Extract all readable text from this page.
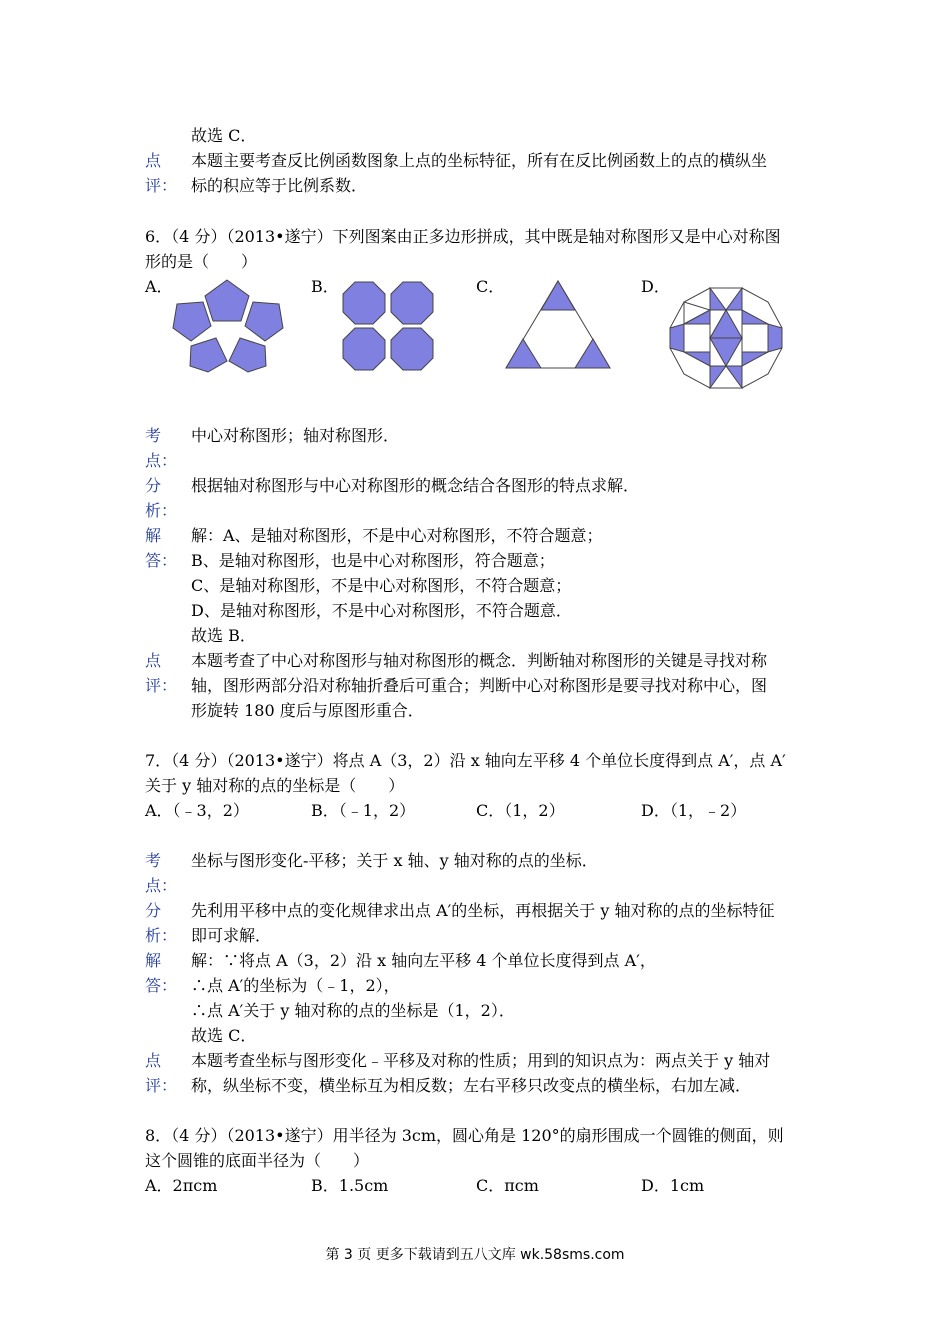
故选 C．
点 本题主要考查反比例函数图象上点的坐标特征，所有在反比例函数上的点的横纵坐
评： 标的积应等于比例系数．
6．（4 分）（2013•遂宁）下列图案由正多边形拼成，其中既是轴对称图形又是中心对称图
形的是（　　）
A．	B．	C．	D．
考 中心对称图形；轴对称图形．
点：
分 根据轴对称图形与中心对称图形的概念结合各图形的特点求解．
析：
解
答：
解：A、是轴对称图形，不是中心对称图形，不符合题意；
B、是轴对称图形，也是中心对称图形，符合题意；
C、是轴对称图形，不是中心对称图形，不符合题意；
D、是轴对称图形，不是中心对称图形，不符合题意．
故选 B．
点
评：
本题考查了中心对称图形与轴对称图形的概念．判断轴对称图形的关键是寻找对称
轴，图形两部分沿对称轴折叠后可重合；判断中心对称图形是要寻找对称中心，图
形旋转 180 度后与原图形重合．
7．（4 分）（2013•遂宁）将点 A（3，2）沿 x 轴向左平移 4 个单位长度得到点 A′，点 A′
关于 y 轴对称的点的坐标是（　　）
A．（﹣3，2）	B．（﹣1，2）	C．（1，2）	D．（1，﹣2）
考 坐标与图形变化-平移；关于 x 轴、y 轴对称的点的坐标．
点：
分
析：
先利用平移中点的变化规律求出点 A′的坐标，再根据关于 y 轴对称的点的坐标特征
即可求解．
解
答：
解：∵将点 A（3，2）沿 x 轴向左平移 4 个单位长度得到点 A′，
∴点 A′的坐标为（﹣1，2），
∴点 A′关于 y 轴对称的点的坐标是（1，2）．
故选 C．
点
评：
本题考查坐标与图形变化﹣平移及对称的性质；用到的知识点为：两点关于 y 轴对
称，纵坐标不变，横坐标互为相反数；左右平移只改变点的横坐标，右加左减．
8．（4 分）（2013•遂宁）用半径为 3cm，圆心角是 120°的扇形围成一个圆锥的侧面，则
这个圆锥的底面半径为（　　）
A．2πcm	B．1.5cm	C．πcm	D．1cm
第 3 页 更多下载请到五八文库 wk.58sms.com
